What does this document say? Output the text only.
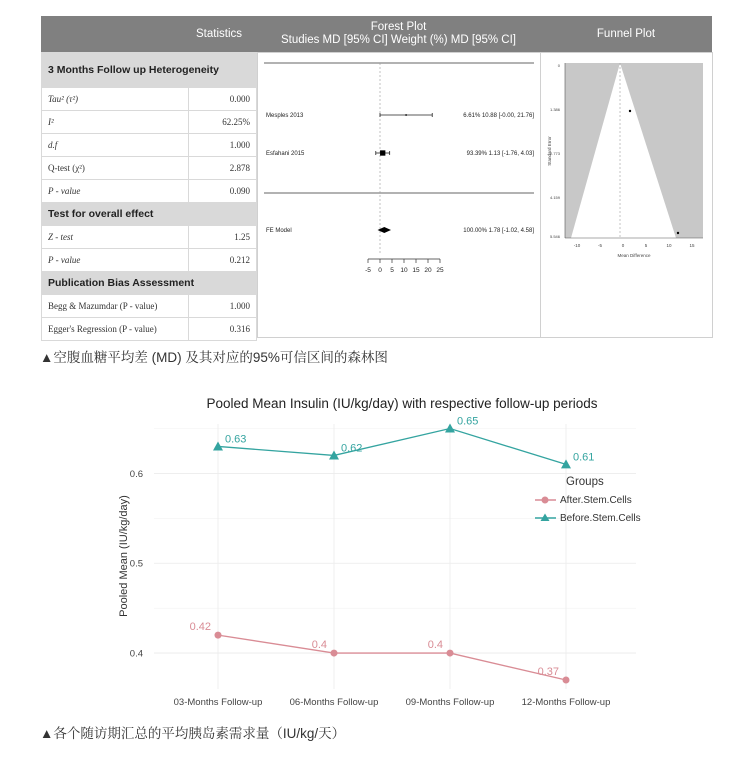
Statistics
Forest Plot
Studies MD [95% CI] Weight (%) MD [95% CI]
Funnel Plot
3 Months Follow up Heterogeneity	
Tau² (τ²)	0.000
I²	62.25%
d.f	1.000
Q-test (χ²)	2.878
P - value	0.090
Test for overall effect	
Z - test	1.25
P - value	0.212
Publication Bias Assessment	
Begg & Mazumdar (P - value)	1.000
Egger's Regression (P - value)	0.316
Mesples 2013	6.61% 10.88 [-0.00, 21.76]
Esfahani 2015	93.39% 1.13 [-1.76, 4.03]
FE Model	100.00% 1.78 [-1.02, 4.58]
-5 0 5 10 15 20 25
0
1.386
2.773
4.159
5.546
-10	-5	0	5	10	15
Mean Difference
Standard Error
▲空腹血糖平均差 (MD) 及其对应的95%可信区间的森林图
Pooled Mean Insulin (IU/kg/day) with respective follow-up periods
0.42
0.4	0.4
0.37
0.63
0.62
0.65
0.61
0.4
0.5
0.6
03-Months Follow-up	06-Months Follow-up	09-Months Follow-up	12-Months Follow-up
Pooled Mean (IU/kg/day)
Groups
After.Stem.Cells
Before.Stem.Cells
▲各个随访期汇总的平均胰岛素需求量（IU/kg/天）
